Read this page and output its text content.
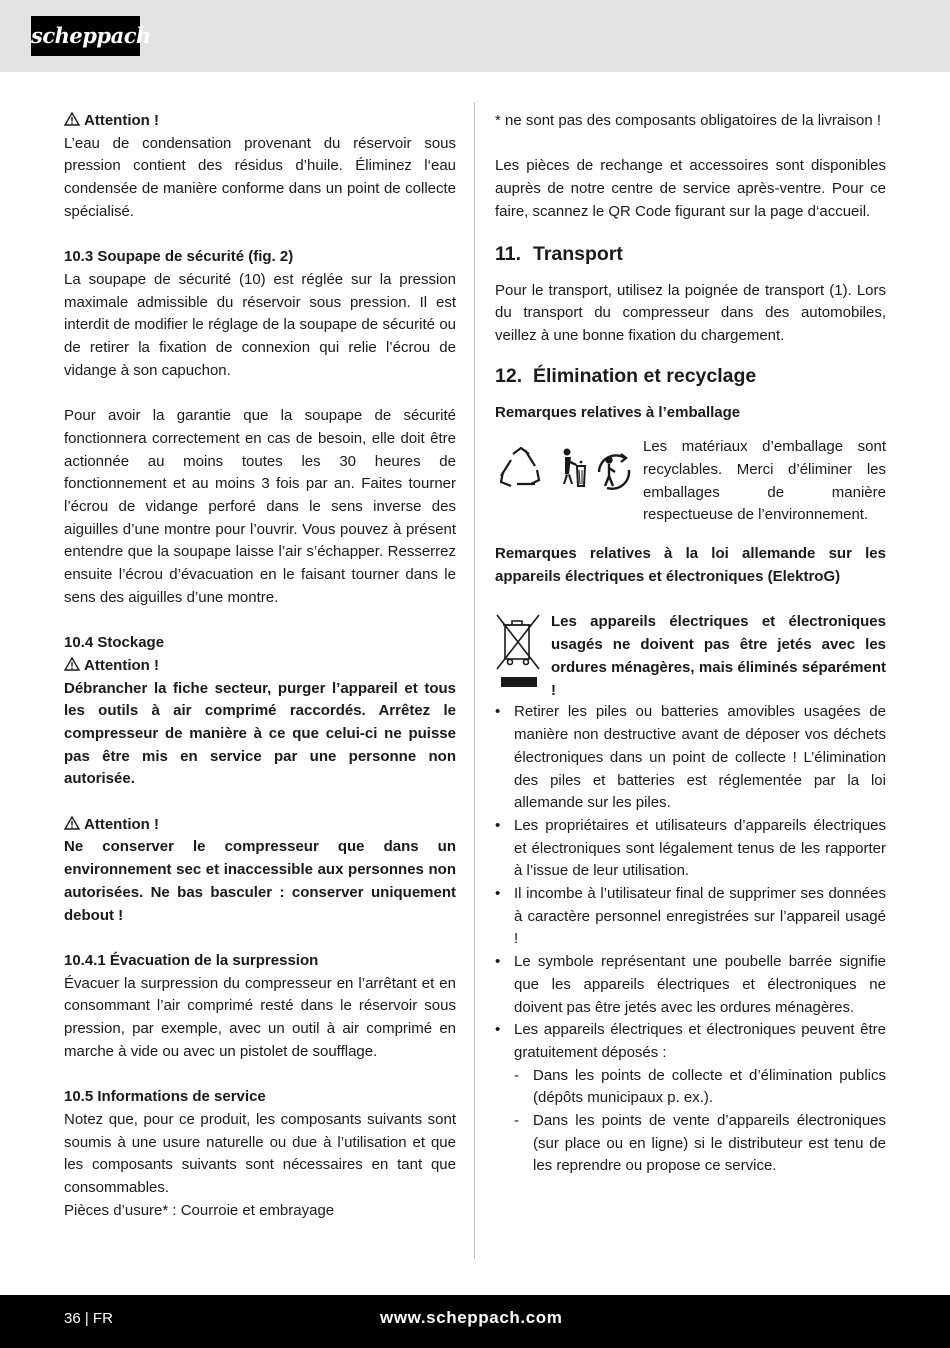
scheppach

Attention !

L’eau de condensation provenant du réservoir sous pression contient des résidus d’huile. Éliminez l‘eau condensée de manière conforme dans un point de collecte spécialisé.

10.3 Soupape de sécurité (fig. 2)

La soupape de sécurité (10) est réglée sur la pression maximale admissible du réservoir sous pression. Il est interdit de modifier le réglage de la soupape de sécurité ou de retirer la fixation de connexion qui relie l’écrou de vidange à son capuchon.

Pour avoir la garantie que la soupape de sécurité fonctionnera correctement en cas de besoin, elle doit être actionnée au moins toutes les 30 heures de fonctionnement et au moins 3 fois par an. Faites tourner l’écrou de vidange perforé dans le sens inverse des aiguilles d’une montre pour l’ouvrir. Vous pouvez à présent entendre que la soupape laisse l’air s’échapper. Resserrez ensuite l’écrou d’évacuation en le faisant tourner dans le sens des aiguilles d’une montre.

10.4 Stockage

Attention !

Débrancher la fiche secteur, purger l’appareil et tous les outils à air comprimé raccordés. Arrêtez le compresseur de manière à ce que celui-ci ne puisse pas être mis en service par une personne non autorisée.

Attention !

Ne conserver le compresseur que dans un environnement sec et inaccessible aux personnes non autorisées. Ne bas basculer : conserver uniquement debout !

10.4.1 Évacuation de la surpression

Évacuer la surpression du compresseur en l’arrêtant et en consommant l’air comprimé resté dans le réservoir sous pression, par exemple, avec un outil à air comprimé en marche à vide ou avec un pistolet de soufflage.

10.5 Informations de service

Notez que, pour ce produit, les composants suivants sont soumis à une usure naturelle ou due à l’utilisation et que les composants suivants sont nécessaires en tant que consommables.

Pièces d’usure* : Courroie et embrayage

* ne sont pas des composants obligatoires de la livraison !

Les pièces de rechange et accessoires sont disponibles auprès de notre centre de service après-ventre. Pour ce faire, scannez le QR Code figurant sur la page d‘accueil.

11. Transport

Pour le transport, utilisez la poignée de transport (1). Lors du transport du compresseur dans des automobiles, veillez à une bonne fixation du chargement.

12. Élimination et recyclage

Remarques relatives à l’emballage

Les matériaux d’emballage sont recyclables. Merci d’éliminer les emballages de manière respectueuse de l’environnement.

Remarques relatives à la loi allemande sur les appareils électriques et électroniques (ElektroG)

Les appareils électriques et électroniques usagés ne doivent pas être jetés avec les ordures ménagères, mais éliminés séparément !

• Retirer les piles ou batteries amovibles usagées de manière non destructive avant de déposer vos déchets électroniques dans un point de collecte ! L’élimination des piles et batteries est réglementée par la loi allemande sur les piles.
• Les propriétaires et utilisateurs d’appareils électriques et électroniques sont légalement tenus de les rapporter à l’issue de leur utilisation.
• Il incombe à l’utilisateur final de supprimer ses données à caractère personnel enregistrées sur l’appareil usagé !
• Le symbole représentant une poubelle barrée signifie que les appareils électriques et électroniques ne doivent pas être jetés avec les ordures ménagères.
• Les appareils électriques et électroniques peuvent être gratuitement déposés :
- Dans les points de collecte et d’élimination publics (dépôts municipaux p. ex.).
- Dans les points de vente d’appareils électroniques (sur place ou en ligne) si le distributeur est tenu de les reprendre ou propose ce service.
36 | FR	www.scheppach.com
